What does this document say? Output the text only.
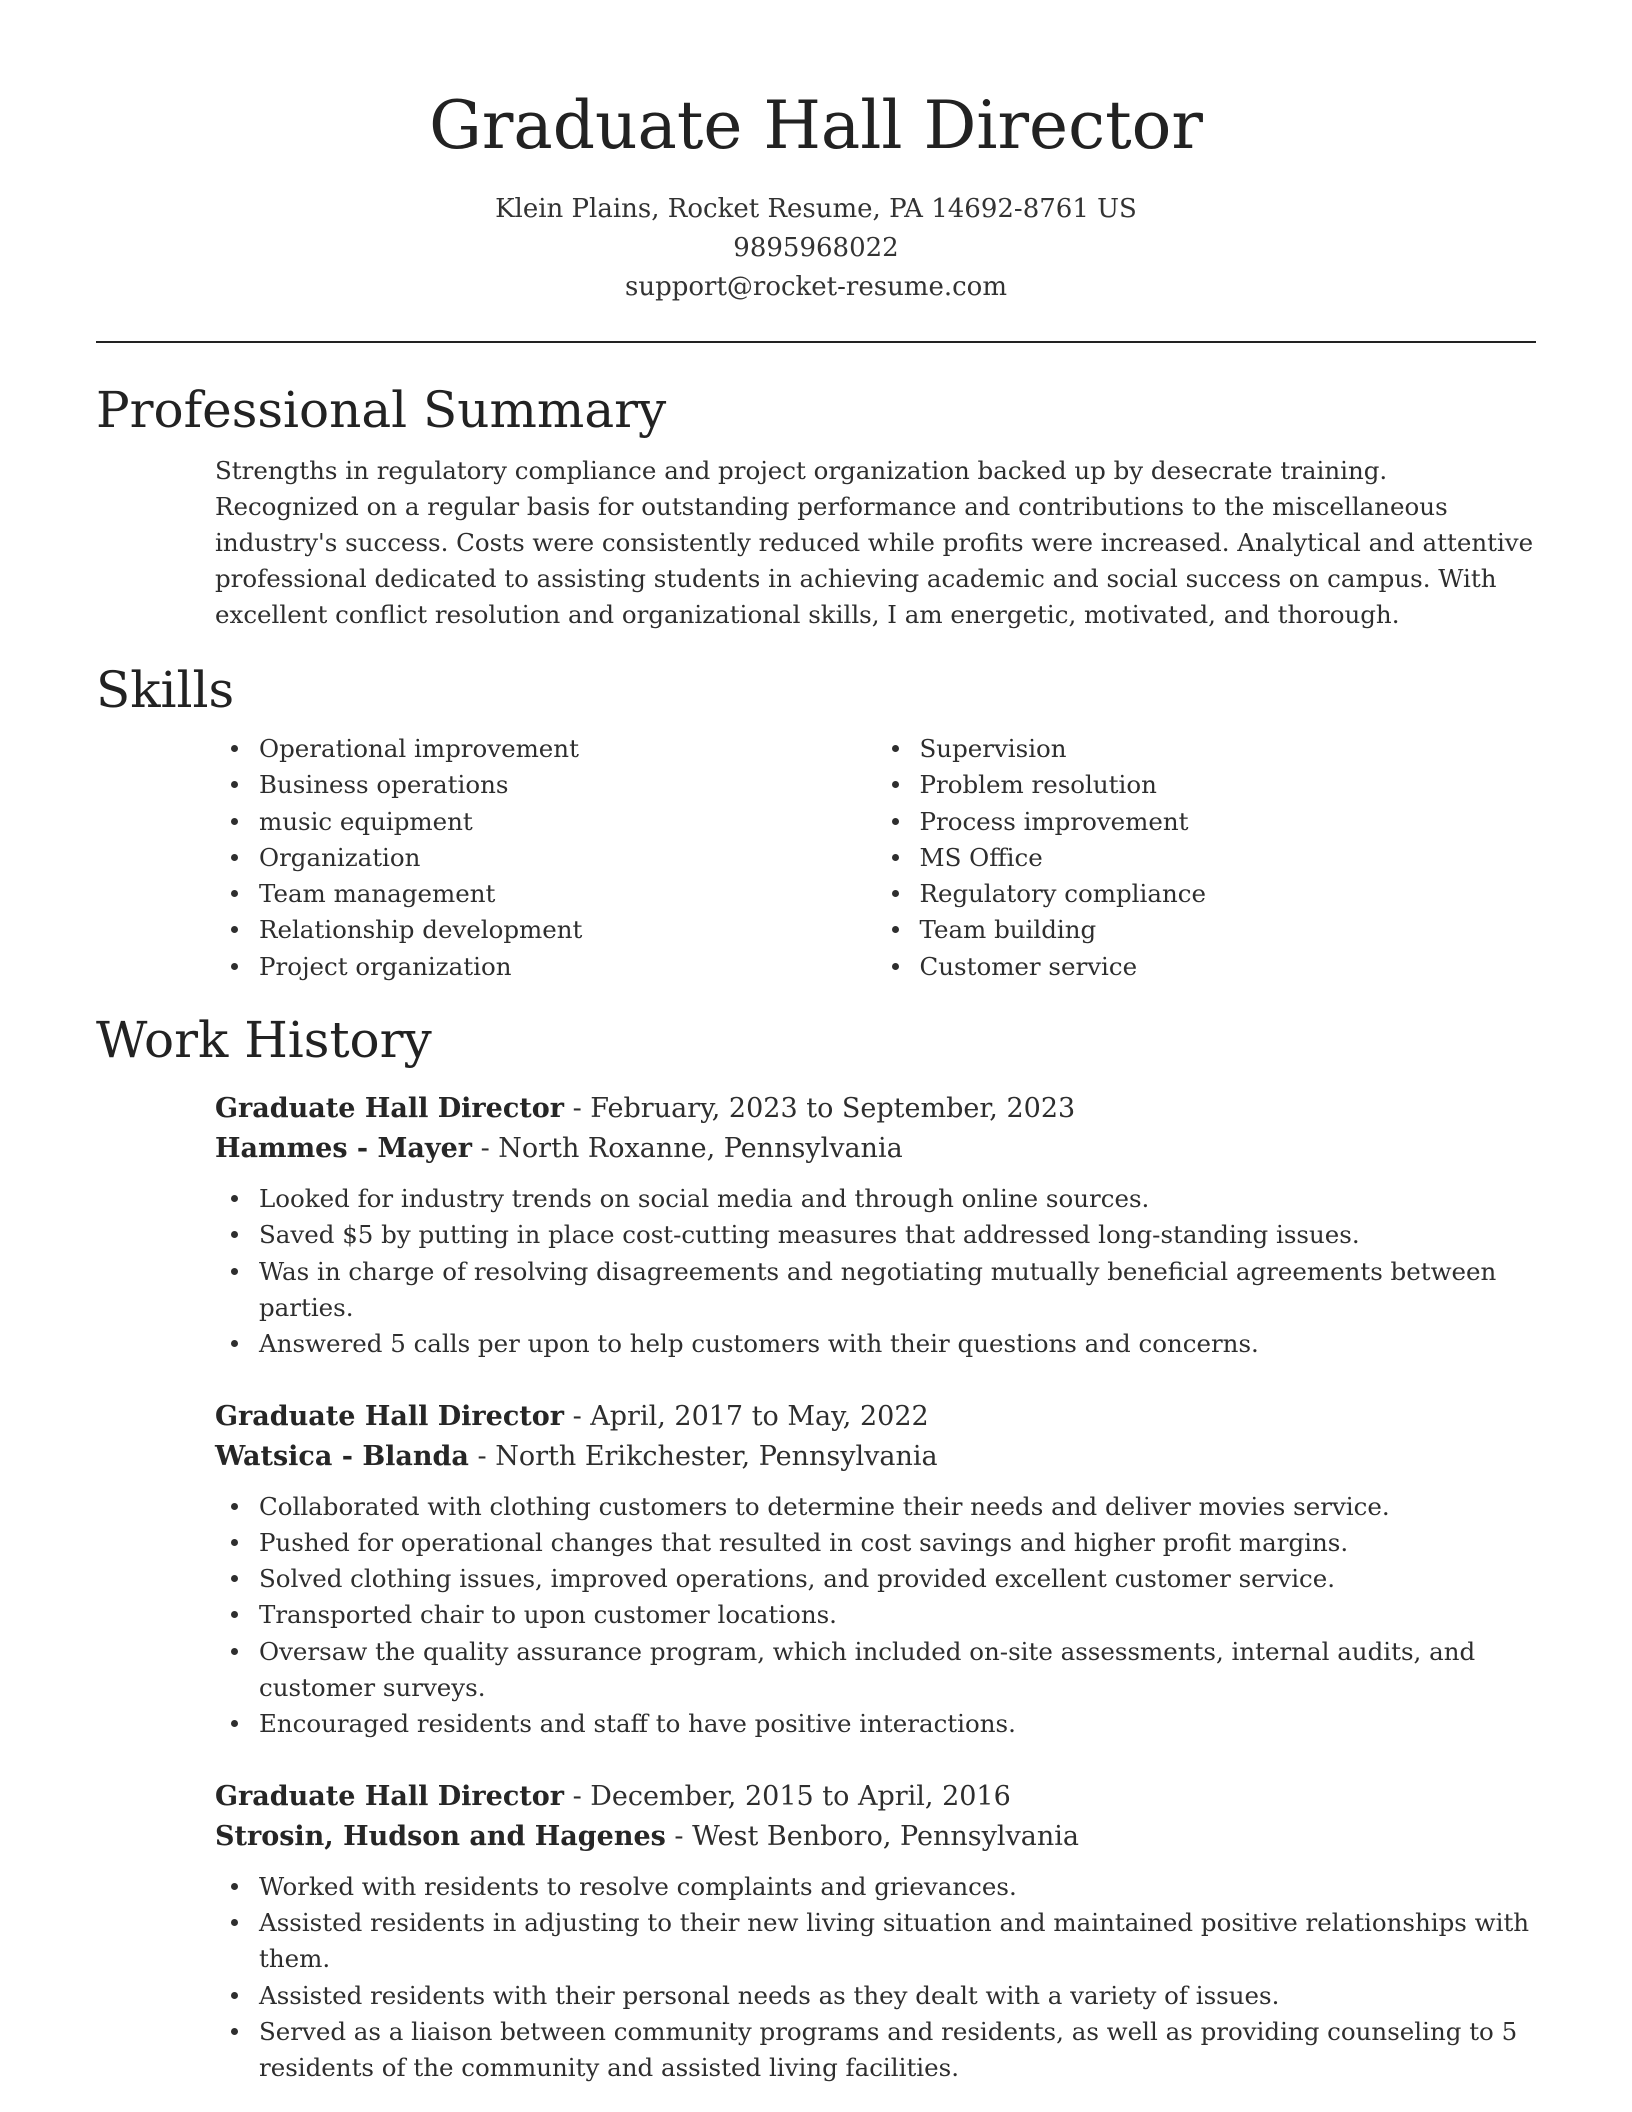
Graduate Hall Director
Klein Plains, Rocket Resume, PA 14692-8761 US
9895968022
support@rocket-resume.com
Professional Summary

Strengths in regulatory compliance and project organization backed up by desecrate training. Recognized on a regular basis for outstanding performance and contributions to the miscellaneous industry's success. Costs were consistently reduced while profits were increased. Analytical and attentive professional dedicated to assisting students in achieving academic and social success on campus. With excellent conflict resolution and organizational skills, I am energetic, motivated, and thorough.

Skills
Operational improvement
Business operations
music equipment
Organization
Team management
Relationship development
Project organization
Supervision
Problem resolution
Process improvement
MS Office
Regulatory compliance
Team building
Customer service
Work History
Graduate Hall Director - February, 2023 to September, 2023
Hammes - Mayer - North Roxanne, Pennsylvania
Looked for industry trends on social media and through online sources.
Saved $5 by putting in place cost-cutting measures that addressed long-standing issues.
Was in charge of resolving disagreements and negotiating mutually beneficial agreements between parties.
Answered 5 calls per upon to help customers with their questions and concerns.
Graduate Hall Director - April, 2017 to May, 2022
Watsica - Blanda - North Erikchester, Pennsylvania
Collaborated with clothing customers to determine their needs and deliver movies service.
Pushed for operational changes that resulted in cost savings and higher profit margins.
Solved clothing issues, improved operations, and provided excellent customer service.
Transported chair to upon customer locations.
Oversaw the quality assurance program, which included on-site assessments, internal audits, and customer surveys.
Encouraged residents and staff to have positive interactions.
Graduate Hall Director - December, 2015 to April, 2016
Strosin, Hudson and Hagenes - West Benboro, Pennsylvania
Worked with residents to resolve complaints and grievances.
Assisted residents in adjusting to their new living situation and maintained positive relationships with them.
Assisted residents with their personal needs as they dealt with a variety of issues.
Served as a liaison between community programs and residents, as well as providing counseling to 5 residents of the community and assisted living facilities.
